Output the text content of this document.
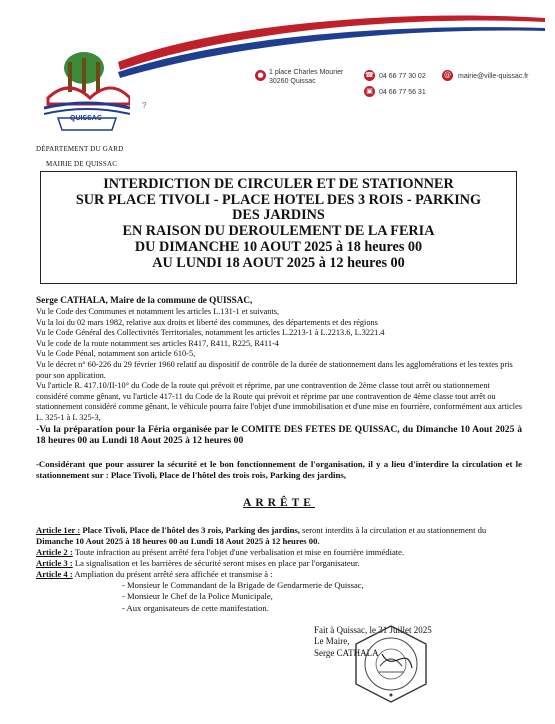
QUISSAC
● 1 place Charles Mourier
30260 Quissac
☎ 04 66 77 30 02
▣ 04 66 77 56 31
@ mairie@ville-quissac.fr
?
DÉPARTEMENT DU GARD
MAIRIE DE QUISSAC
INTERDICTION DE CIRCULER ET DE STATIONNER
SUR PLACE TIVOLI - PLACE HOTEL DES 3 ROIS - PARKING
DES JARDINS
EN RAISON DU DEROULEMENT DE LA FERIA
DU DIMANCHE 10 AOUT 2025 à 18 heures 00
AU LUNDI 18 AOUT 2025 à 12 heures 00
Serge CATHALA, Maire de la commune de QUISSAC,

Vu le Code des Communes et notamment les articles L.131-1 et suivants,

Vu la loi du 02 mars 1982, relative aux droits et liberté des communes, des départements et des régions

Vu le Code Général des Collectivités Territoriales, notamment les articles L.2213-1 à L.2213.6, L.3221.4

Vu le code de la route notamment ses articles R417, R411, R225, R411-4

Vu le Code Pénal, notamment son article 610-5,

Vu le décret n° 60-226 du 29 février 1960 relatif au dispositif de contrôle de la durée de stationnement dans les agglomérations et les textes pris pour son application.

Vu l'article R. 417.10/II-10° du Code de la route qui prévoit et réprime, par une contravention de 2ème classe tout arrêt ou stationnement considéré comme gênant, vu l'article 417-11 du Code de la Route qui prévoit et réprime par une contravention de 4ème classe tout arrêt ou stationnement considéré comme gênant, le véhicule pourra faire l'objet d'une immobilisation et d'une mise en fourrière, conformément aux articles L. 325-1 à L 325-3,

-Vu la préparation pour la Féria organisée par le COMITE DES FETES DE QUISSAC, du Dimanche 10 Aout 2025 à 18 heures 00 au Lundi 18 Aout 2025 à 12 heures 00

-Considérant que pour assurer la sécurité et le bon fonctionnement de l'organisation, il y a lieu d'interdire la circulation et le stationnement sur : Place Tivoli, Place de l'hôtel des trois rois, Parking des jardins,

ARRÊTE
Article 1er : Place Tivoli, Place de l'hôtel des 3 rois, Parking des jardins, seront interdits à la circulation et au stationnement du Dimanche 10 Aout 2025 à 18 heures 00 au Lundi 18 Aout 2025 à 12 heures 00.
Article 2 : Toute infraction au présent arrêté fera l'objet d'une verbalisation et mise en fourrière immédiate.
Article 3 : La signalisation et les barrières de sécurité seront mises en place par l'organisateur.
Article 4 : Ampliation du présent arrêté sera affichée et transmise à :
- Monsieur le Commandant de la Brigade de Gendarmerie de Quissac,
- Monsieur le Chef de la Police Municipale,
- Aux organisateurs de cette manifestation.
Fait à Quissac, le 31 Juillet 2025
Le Maire,
Serge CATHALA
